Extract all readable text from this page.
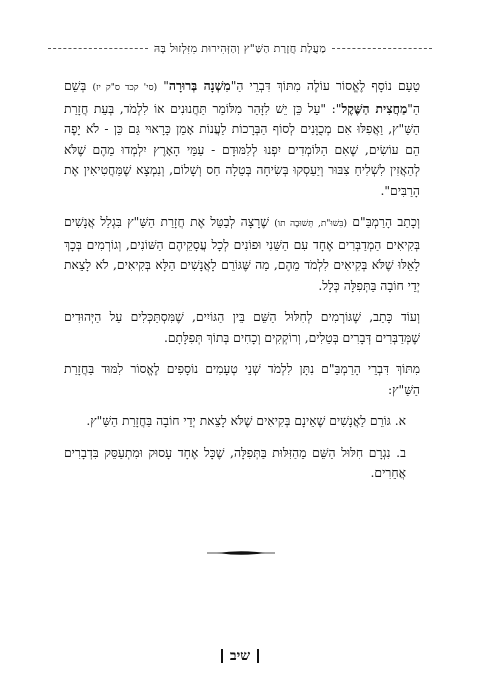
מַעֲלַת חֲזָרַת הַשַּׁ"ץ וְהַזְּהִירוּת מִזִּלְזוּל בָּהּ

טַעַם נוֹסָף לֶאֱסוֹר עוֹלֶה מִתּוֹךְ דִּבְרֵי הַ"מִשְׁנָה בְּרוּרָה" (סי' קכד ס"ק יז) בְּשֵׁם הַ"מַחֲצִית הַשֶּׁקֶל": "עַל כֵּן יֵשׁ לִזָּהֵר מִלּוֹמַר תַּחֲנוּנִים אוֹ לִלְמֹד, בְּעֵת חֲזָרַת הַשַּׁ"ץ, וַאֲפִלּוּ אִם מְכֻוָּנִים לְסוֹף הַבְּרָכוֹת לַעֲנוֹת אָמֵן כָּרָאוּי גַּם כֵּן - לֹא יָפֶה הֵם עוֹשִׂים, שֶׁאִם הַלּוֹמְדִים יִפְנוּ לְלִמּוּדָם - עַמֵּי הָאָרֶץ יִלְמְדוּ מֵהֶם שֶׁלֹּא לְהַאֲזִין לִשְׁלִיחַ צִבּוּר וְיַעַסְקוּ בְּשִׂיחָה בְּטֵלָה חַס וְשָׁלוֹם, וְנִמְצָא שֶׁמַּחֲטִיאִין אֶת הָרַבִּים".

וְכָתַב הָרַמְבַּ"ם (בִּשׁוּ"ת, תְּשׁוּבָה תו) שֶׁרָצָה לְבַטֵּל אֶת חֲזָרַת הַשַּׁ"ץ בִּגְלַל אֲנָשִׁים בְּקִיאִים הַמְדַבְּרִים אֶחָד עִם הַשֵּׁנִי וּפוֹנִים לְכָל עֲסָקֵיהֶם הַשּׁוֹנִים, וְגוֹרְמִים בְּכָךְ לָאֵלּוּ שֶׁלֹּא בְּקִיאִים לִלְמֹד מֵהֶם, מַה שֶּׁגּוֹרֵם לָאֲנָשִׁים הַלָּא בְּקִיאִים, לֹא לָצֵאת יְדֵי חוֹבָה בַּתְּפִלָּה כְּלָל.

וְעוֹד כָּתַב, שֶׁגּוֹרְמִים לְחִלּוּל הַשֵּׁם בֵּין הַגּוֹיִים, שֶׁמִּסְתַּכְּלִים עַל הַיְּהוּדִים שֶׁמְּדַבְּרִים דְּבָרִים בְּטֵלִים, וְרוֹקְקִים וְכָחִים בְּתוֹךְ תְּפִלָּתָם.

מִתּוֹךְ דִּבְרֵי הָרַמְבַּ"ם נִתָּן לִלְמֹד שְׁנֵי טְעָמִים נוֹסָפִים לֶאֱסוֹר לִמּוּד בַּחֲזָרַת הַשַּׁ"ץ:

א. גּוֹרֵם לַאֲנָשִׁים שֶׁאֵינָם בְּקִיאִים שֶׁלֹּא לָצֵאת יְדֵי חוֹבָה בַּחֲזָרַת הַשַּׁ"ץ.

ב. נִגְרָם חִלּוּל הַשֵּׁם מֵהַזִּלּוּת בַּתְּפִלָּה, שֶׁכָּל אֶחָד עָסוּק וּמִתְעַסֵּק בִּדְבָרִים אֲחֵרִים.

שיב
